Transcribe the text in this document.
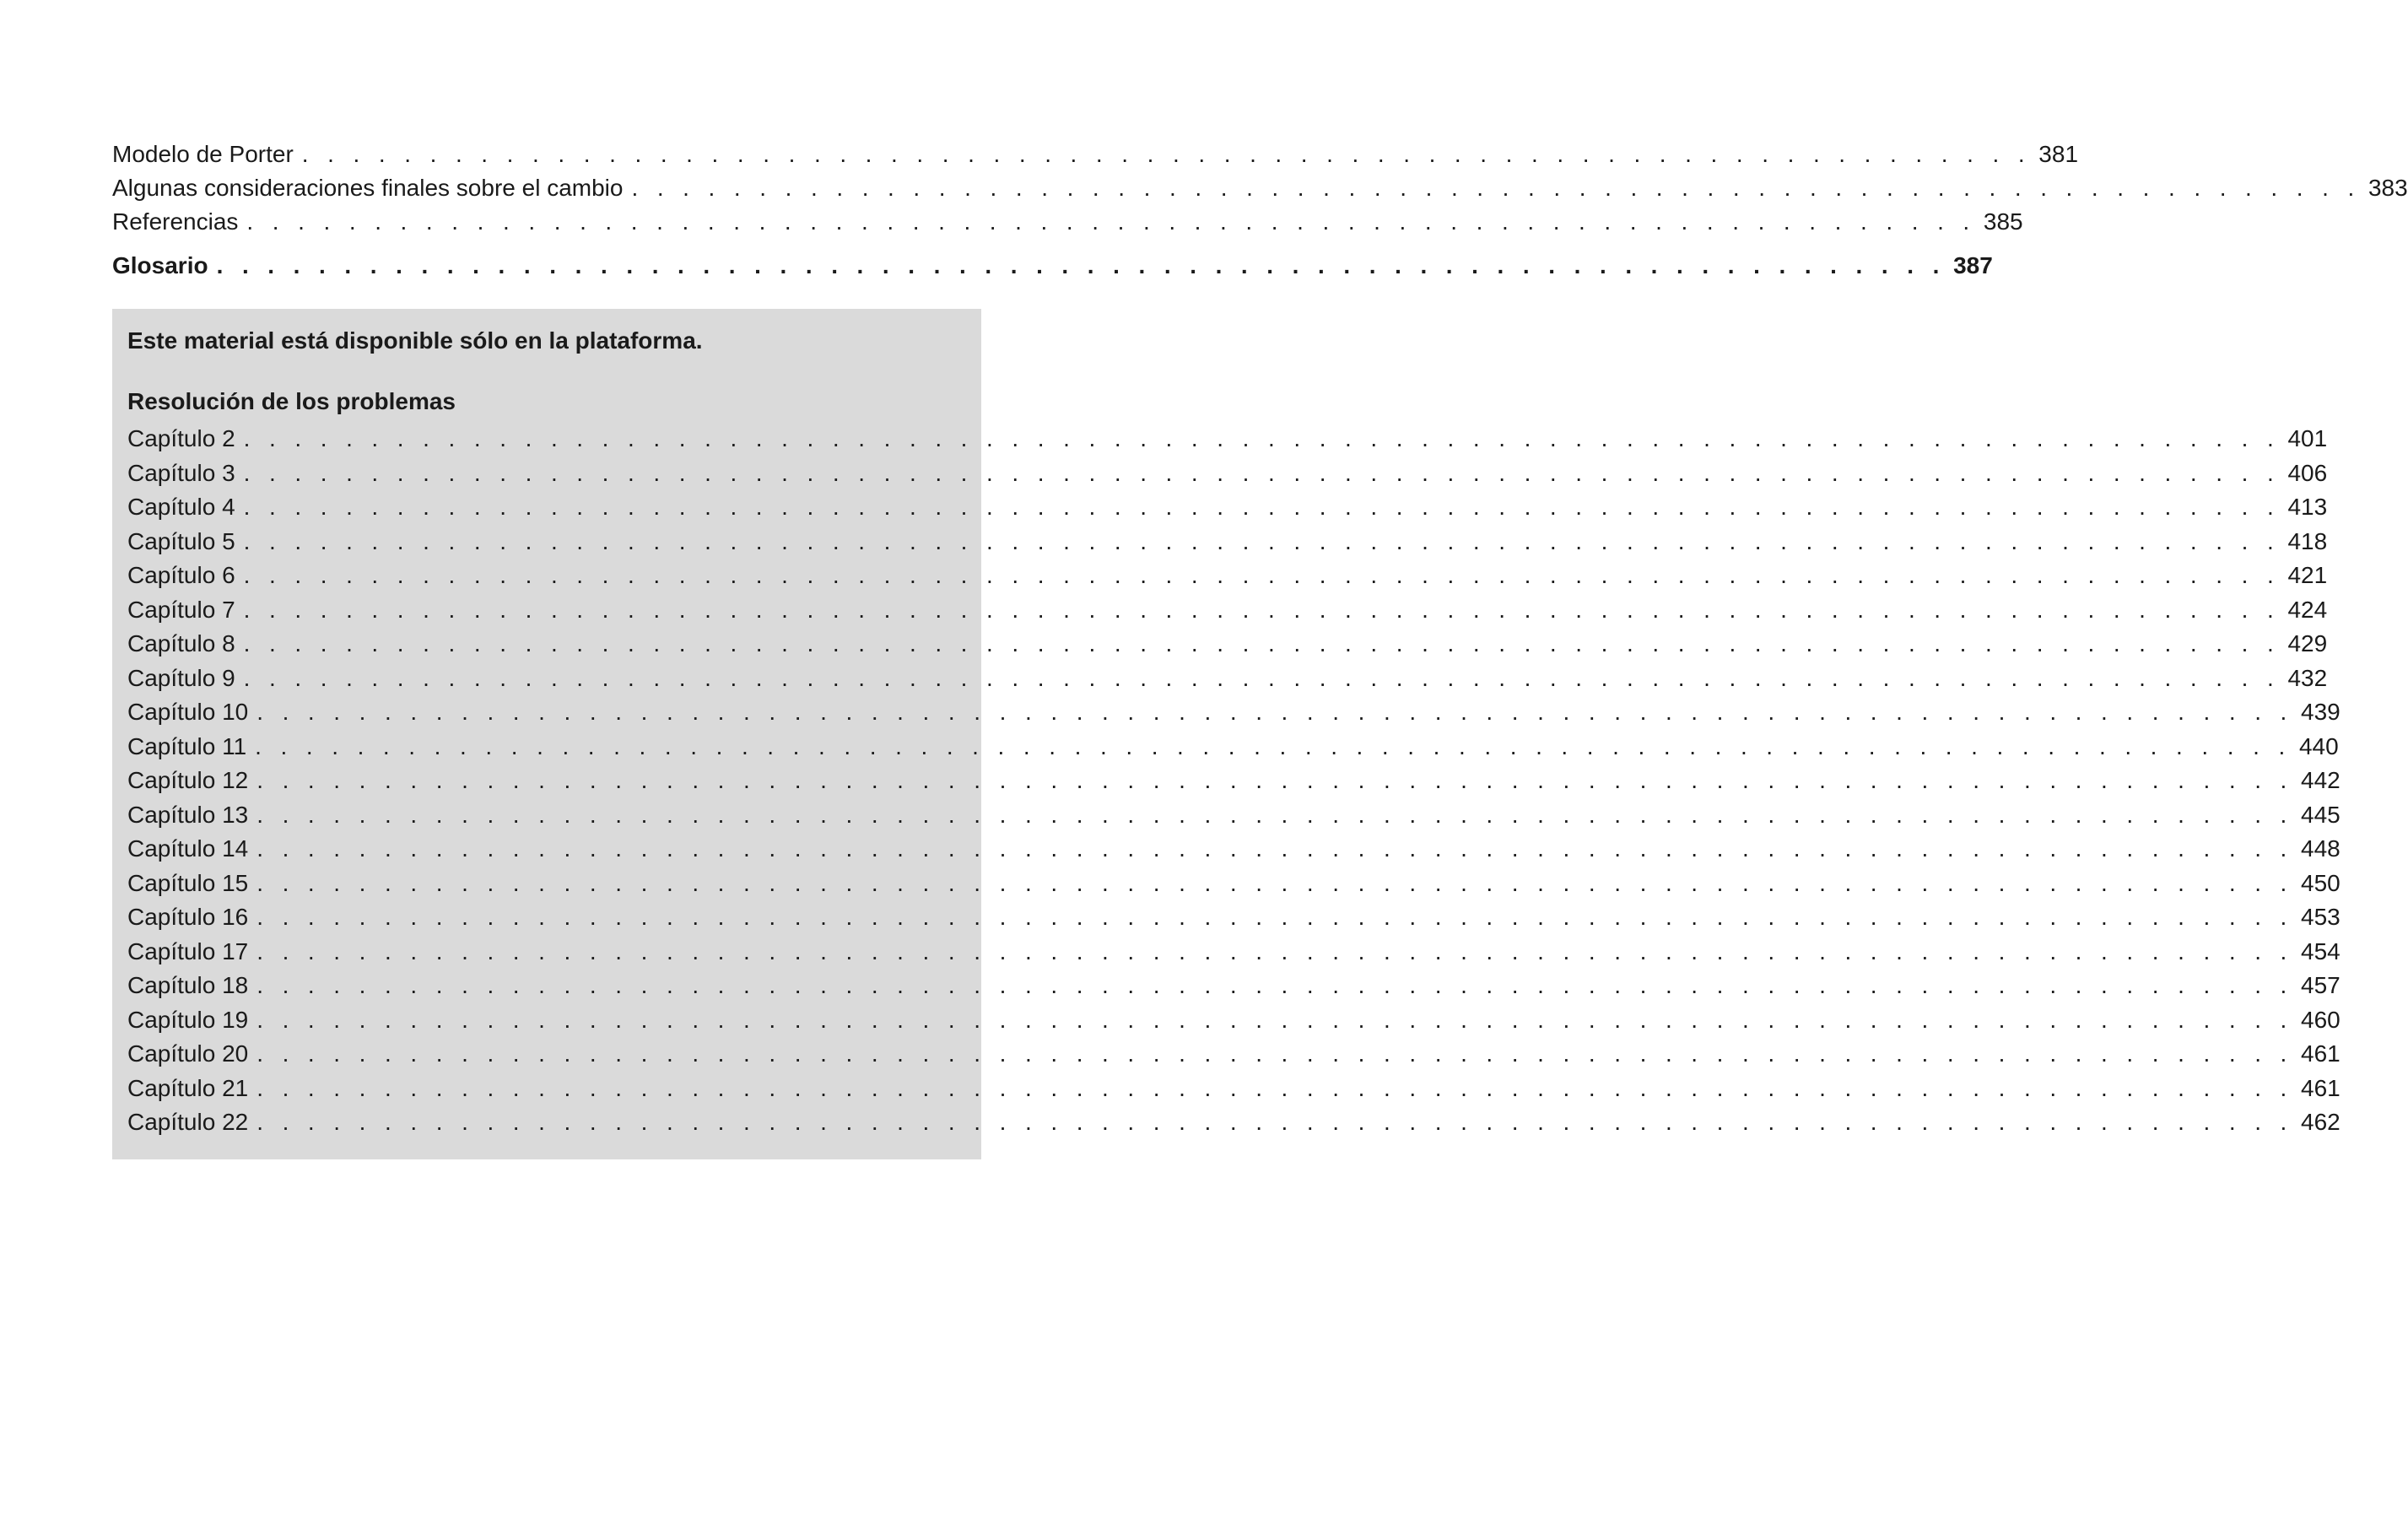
Modelo de Porter . . . . . . . . . . . . . . . . . . . . . . . . . . . . . . . . . . . . . . . . . . . . . . . . . . . . . . . . . . . . . . . . . . . . 381
Algunas consideraciones finales sobre el cambio . . . . . . . . . . . . . . . . . . . . . . . . . . . . . . . . . . . . . . . . . . . . . . . . . . . . . . . . . . . . . . . . . . . . 383
Referencias . . . . . . . . . . . . . . . . . . . . . . . . . . . . . . . . . . . . . . . . . . . . . . . . . . . . . . . . . . . . . . . . . . . . 385
Glosario . . . . . . . . . . . . . . . . . . . . . . . . . . . . . . . . . . . . . . . . . . . . . . . . . . . . . . . . . . . . . . . . . . . . 387
Este material está disponible sólo en la plataforma.
Resolución de los problemas
Capítulo 2 . . . . . . . . . . . . . . . . . . . . . . . . . . . . . . . . . . . . . . . . . . . . . . . . . . . . . . . . . . . . . . . . . . . . . . . . . . . . . . . . 401
Capítulo 3 . . . . . . . . . . . . . . . . . . . . . . . . . . . . . . . . . . . . . . . . . . . . . . . . . . . . . . . . . . . . . . . . . . . . . . . . . . . . . . . . 406
Capítulo 4 . . . . . . . . . . . . . . . . . . . . . . . . . . . . . . . . . . . . . . . . . . . . . . . . . . . . . . . . . . . . . . . . . . . . . . . . . . . . . . . . 413
Capítulo 5 . . . . . . . . . . . . . . . . . . . . . . . . . . . . . . . . . . . . . . . . . . . . . . . . . . . . . . . . . . . . . . . . . . . . . . . . . . . . . . . . 418
Capítulo 6 . . . . . . . . . . . . . . . . . . . . . . . . . . . . . . . . . . . . . . . . . . . . . . . . . . . . . . . . . . . . . . . . . . . . . . . . . . . . . . . . 421
Capítulo 7 . . . . . . . . . . . . . . . . . . . . . . . . . . . . . . . . . . . . . . . . . . . . . . . . . . . . . . . . . . . . . . . . . . . . . . . . . . . . . . . . 424
Capítulo 8 . . . . . . . . . . . . . . . . . . . . . . . . . . . . . . . . . . . . . . . . . . . . . . . . . . . . . . . . . . . . . . . . . . . . . . . . . . . . . . . . 429
Capítulo 9 . . . . . . . . . . . . . . . . . . . . . . . . . . . . . . . . . . . . . . . . . . . . . . . . . . . . . . . . . . . . . . . . . . . . . . . . . . . . . . . . 432
Capítulo 10 . . . . . . . . . . . . . . . . . . . . . . . . . . . . . . . . . . . . . . . . . . . . . . . . . . . . . . . . . . . . . . . . . . . . . . . . . . . . . . . . 439
Capítulo 11 . . . . . . . . . . . . . . . . . . . . . . . . . . . . . . . . . . . . . . . . . . . . . . . . . . . . . . . . . . . . . . . . . . . . . . . . . . . . . . . . 440
Capítulo 12 . . . . . . . . . . . . . . . . . . . . . . . . . . . . . . . . . . . . . . . . . . . . . . . . . . . . . . . . . . . . . . . . . . . . . . . . . . . . . . . . 442
Capítulo 13 . . . . . . . . . . . . . . . . . . . . . . . . . . . . . . . . . . . . . . . . . . . . . . . . . . . . . . . . . . . . . . . . . . . . . . . . . . . . . . . . 445
Capítulo 14 . . . . . . . . . . . . . . . . . . . . . . . . . . . . . . . . . . . . . . . . . . . . . . . . . . . . . . . . . . . . . . . . . . . . . . . . . . . . . . . . 448
Capítulo 15 . . . . . . . . . . . . . . . . . . . . . . . . . . . . . . . . . . . . . . . . . . . . . . . . . . . . . . . . . . . . . . . . . . . . . . . . . . . . . . . . 450
Capítulo 16 . . . . . . . . . . . . . . . . . . . . . . . . . . . . . . . . . . . . . . . . . . . . . . . . . . . . . . . . . . . . . . . . . . . . . . . . . . . . . . . . 453
Capítulo 17 . . . . . . . . . . . . . . . . . . . . . . . . . . . . . . . . . . . . . . . . . . . . . . . . . . . . . . . . . . . . . . . . . . . . . . . . . . . . . . . . 454
Capítulo 18 . . . . . . . . . . . . . . . . . . . . . . . . . . . . . . . . . . . . . . . . . . . . . . . . . . . . . . . . . . . . . . . . . . . . . . . . . . . . . . . . 457
Capítulo 19 . . . . . . . . . . . . . . . . . . . . . . . . . . . . . . . . . . . . . . . . . . . . . . . . . . . . . . . . . . . . . . . . . . . . . . . . . . . . . . . . 460
Capítulo 20 . . . . . . . . . . . . . . . . . . . . . . . . . . . . . . . . . . . . . . . . . . . . . . . . . . . . . . . . . . . . . . . . . . . . . . . . . . . . . . . . 461
Capítulo 21 . . . . . . . . . . . . . . . . . . . . . . . . . . . . . . . . . . . . . . . . . . . . . . . . . . . . . . . . . . . . . . . . . . . . . . . . . . . . . . . . 461
Capítulo 22 . . . . . . . . . . . . . . . . . . . . . . . . . . . . . . . . . . . . . . . . . . . . . . . . . . . . . . . . . . . . . . . . . . . . . . . . . . . . . . . . 462
